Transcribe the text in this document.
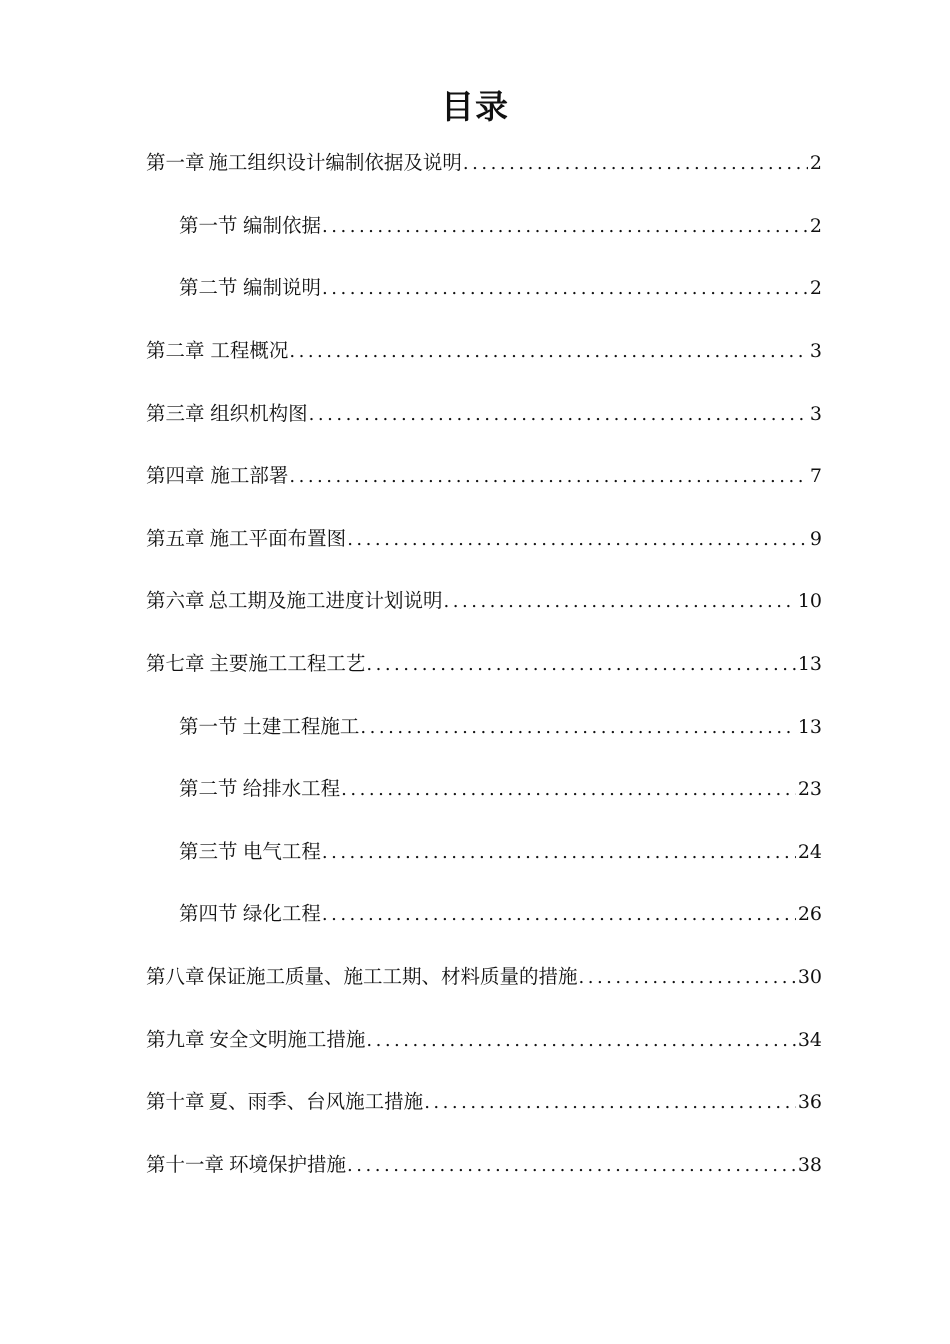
目录
第一章 施工组织设计编制依据及说明 . . .	2
第一节 编制依据 . . .	2
第二节 编制说明 . . .	2
第二章 工程概况 . . .	3
第三章 组织机构图 . . .	3
第四章 施工部署 . . .	7
第五章 施工平面布置图 . . .	9
第六章 总工期及施工进度计划说明 . . .	10
第七章 主要施工工程工艺 . . .	13
第一节 土建工程施工 . . .	13
第二节 给排水工程 . . .	23
第三节 电气工程 . . .	24
第四节 绿化工程 . . .	26
第八章 保证施工质量、施工工期、材料质量的措施 . . .	30
第九章 安全文明施工措施 . . .	34
第十章 夏、雨季、台风施工措施 . . .	36
第十一章 环境保护措施 . . .	38
